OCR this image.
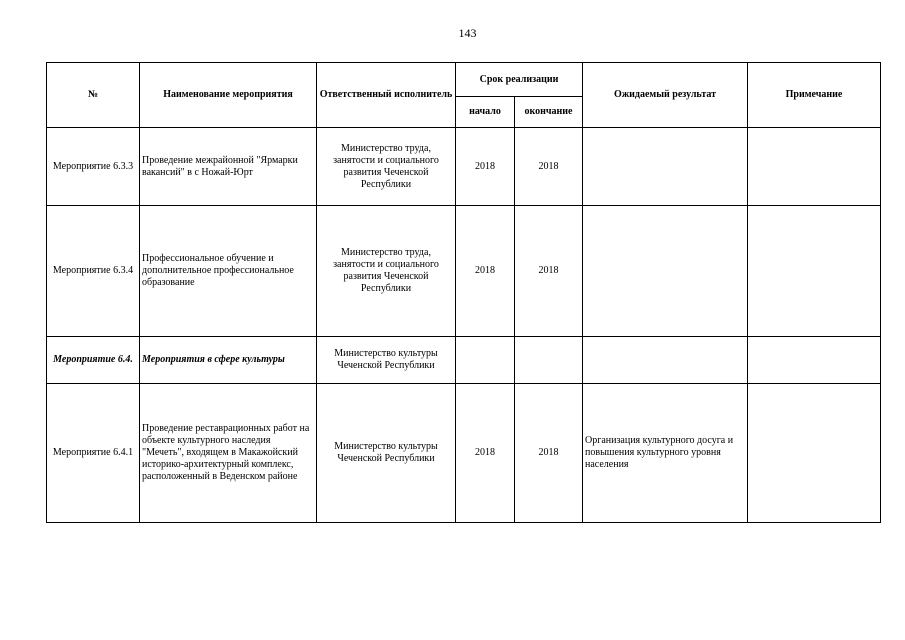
143
№	Наименование мероприятия	Ответственный исполнитель	Срок реализации		Ожидаемый результат	Примечание
			начало	окончание		
Мероприятие 6.3.3	Проведение межрайонной "Ярмарки вакансий" в с Ножай-Юрт	Министерство труда, занятости и социального развития Чеченской Республики	2018	2018		
Мероприятие 6.3.4	Профессиональное обучение и дополнительное профессиональное образование	Министерство труда, занятости и социального развития Чеченской Республики	2018	2018		
Мероприятие 6.4.	Мероприятия в сфере культуры	Министерство культуры Чеченской Республики				
Мероприятие 6.4.1	Проведение реставрационных работ на объекте культурного наследия "Мечеть", входящем в Макажойский историко-архитектурный комплекс, расположенный в Веденском районе	Министерство культуры Чеченской Республики	2018	2018	Организация культурного досуга и повышения культурного уровня населения	
